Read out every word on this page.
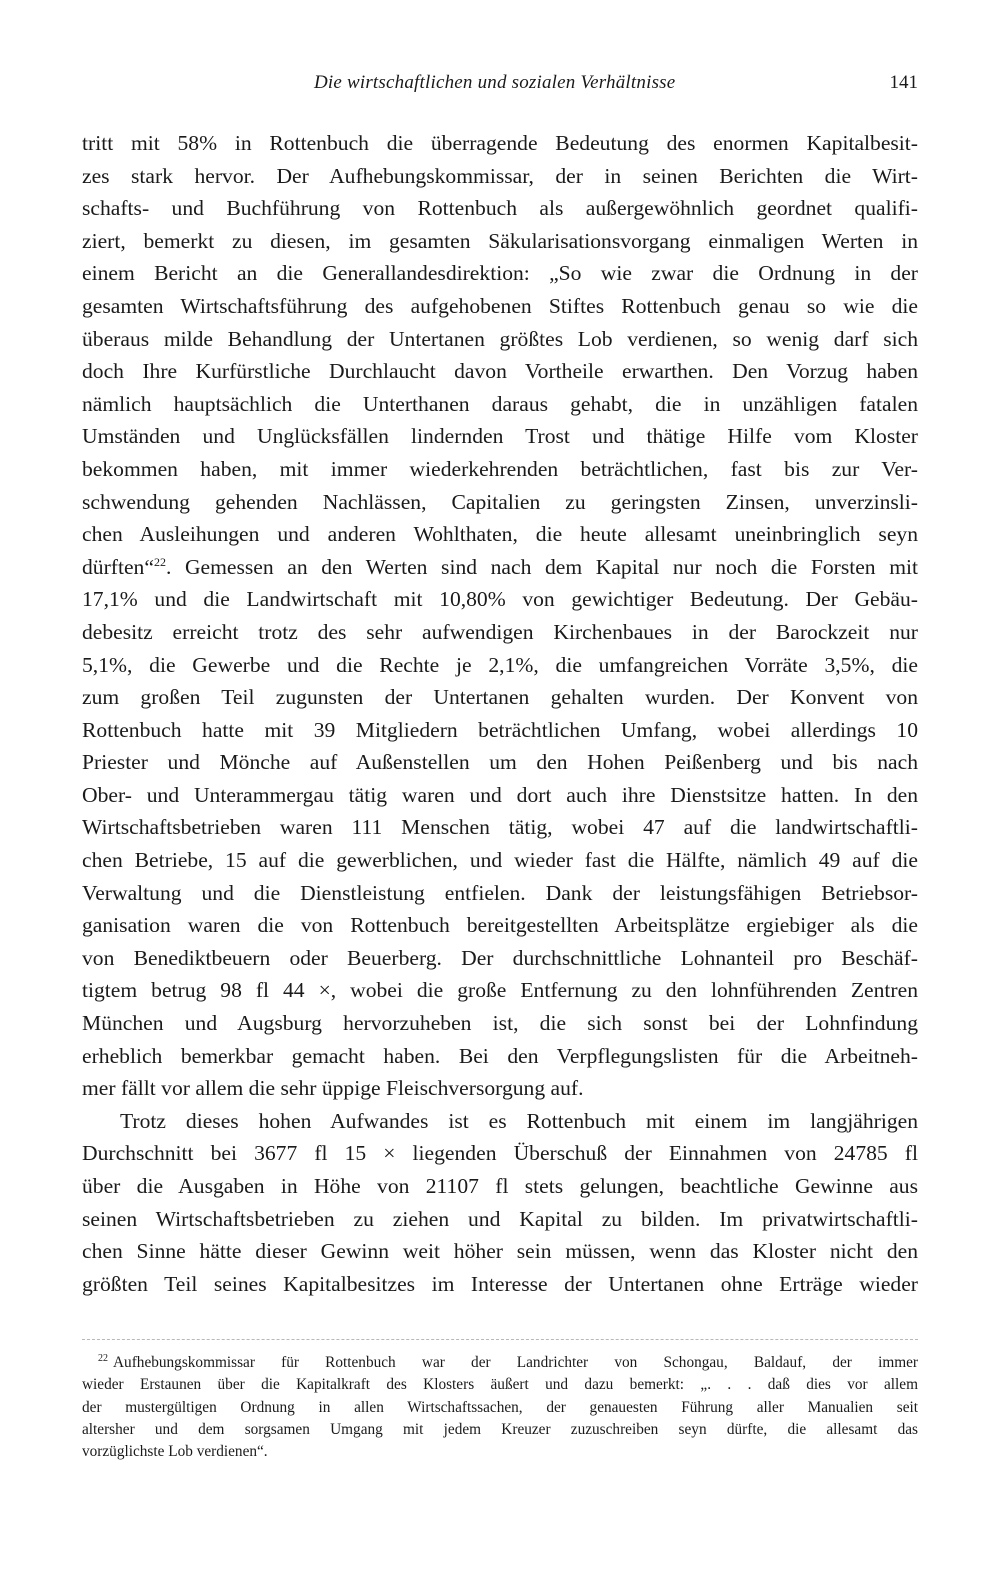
Die wirtschaftlichen und sozialen Verhältnisse	141
tritt mit 58% in Rottenbuch die überragende Bedeutung des enormen Kapitalbesit-
zes stark hervor. Der Aufhebungskommissar, der in seinen Berichten die Wirt-
schafts- und Buchführung von Rottenbuch als außergewöhnlich geordnet qualifi-
ziert, bemerkt zu diesen, im gesamten Säkularisationsvorgang einmaligen Werten in
einem Bericht an die Generallandesdirektion: „So wie zwar die Ordnung in der
gesamten Wirtschaftsführung des aufgehobenen Stiftes Rottenbuch genau so wie die
überaus milde Behandlung der Untertanen größtes Lob verdienen, so wenig darf sich
doch Ihre Kurfürstliche Durchlaucht davon Vortheile erwarthen. Den Vorzug haben
nämlich hauptsächlich die Unterthanen daraus gehabt, die in unzähligen fatalen
Umständen und Unglücksfällen lindernden Trost und thätige Hilfe vom Kloster
bekommen haben, mit immer wiederkehrenden beträchtlichen, fast bis zur Ver-
schwendung gehenden Nachlässen, Capitalien zu geringsten Zinsen, unverzinsli-
chen Ausleihungen und anderen Wohlthaten, die heute allesamt uneinbringlich seyn
dürften“$^{22}$. Gemessen an den Werten sind nach dem Kapital nur noch die Forsten mit
17,1% und die Landwirtschaft mit 10,80% von gewichtiger Bedeutung. Der Gebäu-
debesitz erreicht trotz des sehr aufwendigen Kirchenbaues in der Barockzeit nur
5,1%, die Gewerbe und die Rechte je 2,1%, die umfangreichen Vorräte 3,5%, die
zum großen Teil zugunsten der Untertanen gehalten wurden. Der Konvent von
Rottenbuch hatte mit 39 Mitgliedern beträchtlichen Umfang, wobei allerdings 10
Priester und Mönche auf Außenstellen um den Hohen Peißenberg und bis nach
Ober- und Unterammergau tätig waren und dort auch ihre Dienstsitze hatten. In den
Wirtschaftsbetrieben waren 111 Menschen tätig, wobei 47 auf die landwirtschaftli-
chen Betriebe, 15 auf die gewerblichen, und wieder fast die Hälfte, nämlich 49 auf die
Verwaltung und die Dienstleistung entfielen. Dank der leistungsfähigen Betriebsor-
ganisation waren die von Rottenbuch bereitgestellten Arbeitsplätze ergiebiger als die
von Benediktbeuern oder Beuerberg. Der durchschnittliche Lohnanteil pro Beschäf-
tigtem betrug 98 fl 44 ×, wobei die große Entfernung zu den lohnführenden Zentren
München und Augsburg hervorzuheben ist, die sich sonst bei der Lohnfindung
erheblich bemerkbar gemacht haben. Bei den Verpflegungslisten für die Arbeitneh-
mer fällt vor allem die sehr üppige Fleischversorgung auf.
Trotz dieses hohen Aufwandes ist es Rottenbuch mit einem im langjährigen
Durchschnitt bei 3677 fl 15 × liegenden Überschuß der Einnahmen von 24785 fl
über die Ausgaben in Höhe von 21107 fl stets gelungen, beachtliche Gewinne aus
seinen Wirtschaftsbetrieben zu ziehen und Kapital zu bilden. Im privatwirtschaftli-
chen Sinne hätte dieser Gewinn weit höher sein müssen, wenn das Kloster nicht den
größten Teil seines Kapitalbesitzes im Interesse der Untertanen ohne Erträge wieder
$^{22}$ Aufhebungskommissar für Rottenbuch war der Landrichter von Schongau, Baldauf, der immer
wieder Erstaunen über die Kapitalkraft des Klosters äußert und dazu bemerkt: „. . . daß dies vor allem
der mustergültigen Ordnung in allen Wirtschaftssachen, der genauesten Führung aller Manualien seit
altersher und dem sorgsamen Umgang mit jedem Kreuzer zuzuschreiben seyn dürfte, die allesamt das
vorzüglichste Lob verdienen“.
